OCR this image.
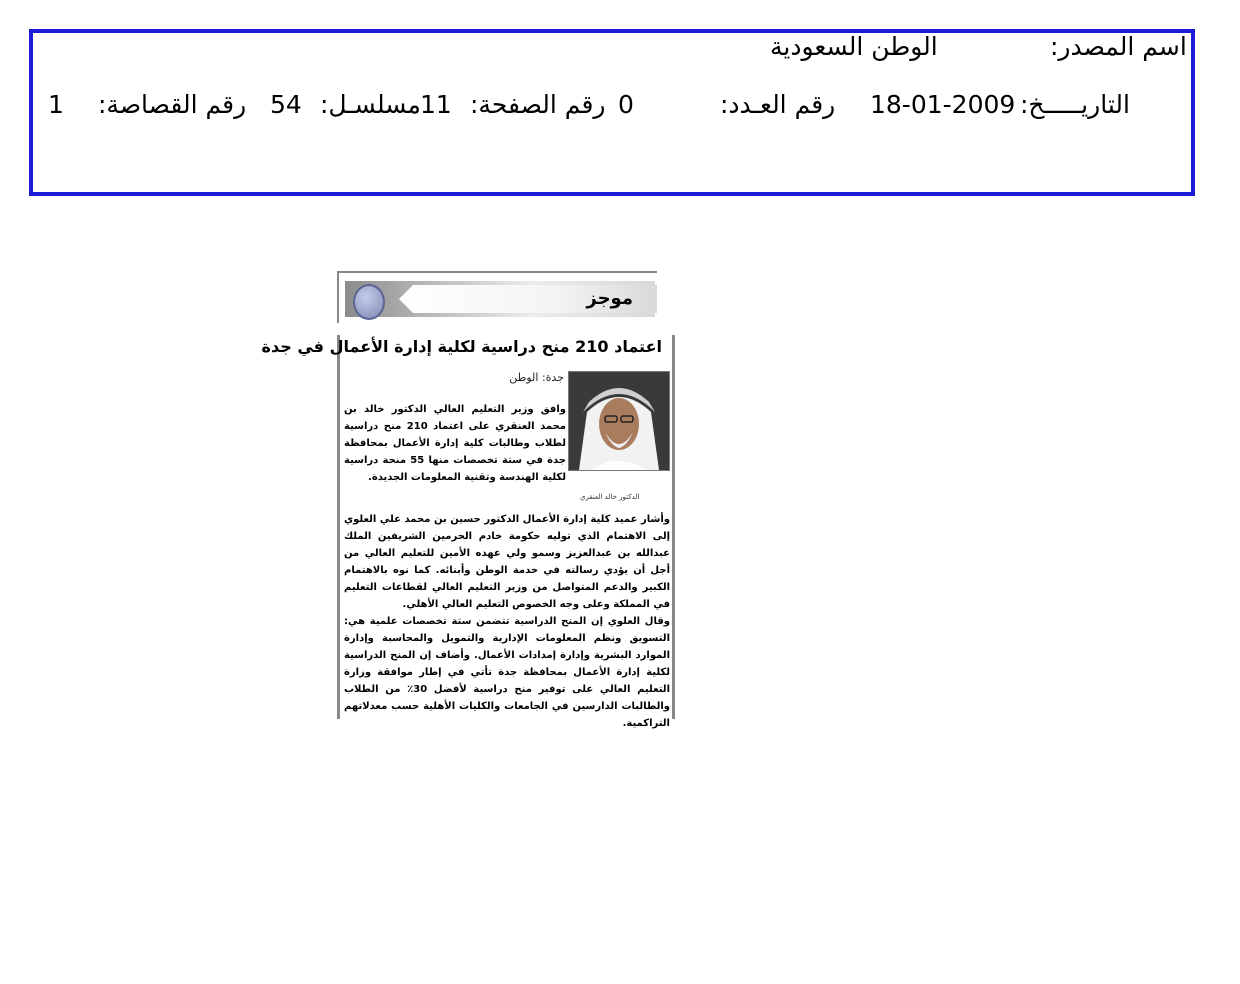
اسم المصدر:
الوطن السعودية
التاريـــــخ:
18-01-2009
رقم العـدد:
0
رقم الصفحة:
11
مسلسـل:
54
رقم القصاصة:
1
موجز
اعتماد 210 منح دراسية لكلية إدارة الأعمال في جدة
الدكتور خالد العنقري
جدة: الوطن

وافق وزير التعليم العالي الدكتور خالد بن محمد العنقري على اعتماد 210 منح دراسية لطلاب وطالبات كلية إدارة الأعمال بمحافظة جدة في ستة تخصصات منها 55 منحة دراسية لكلية الهندسة وتقنية المعلومات الجديدة.

وأشار عميد كلية إدارة الأعمال الدكتور حسين بن محمد علي العلوي إلى الاهتمام الذي توليه حكومة خادم الحرمين الشريفين الملك عبدالله بن عبدالعزيز وسمو ولي عهده الأمين للتعليم العالي من أجل أن يؤدي رسالته في خدمة الوطن وأبنائه. كما نوه بالاهتمام الكبير والدعم المتواصل من وزير التعليم العالي لقطاعات التعليم في المملكة وعلى وجه الخصوص التعليم العالي الأهلي.

وقال العلوي إن المنح الدراسية تتضمن ستة تخصصات علمية هي: التسويق ونظم المعلومات الإدارية والتمويل والمحاسبة وإدارة الموارد البشرية وإدارة إمدادات الأعمال. وأضاف إن المنح الدراسية لكلية إدارة الأعمال بمحافظة جدة تأتي في إطار موافقة وزارة التعليم العالي على توفير منح دراسية لأفضل 30٪ من الطلاب والطالبات الدارسين في الجامعات والكليات الأهلية حسب معدلاتهم التراكمية.
